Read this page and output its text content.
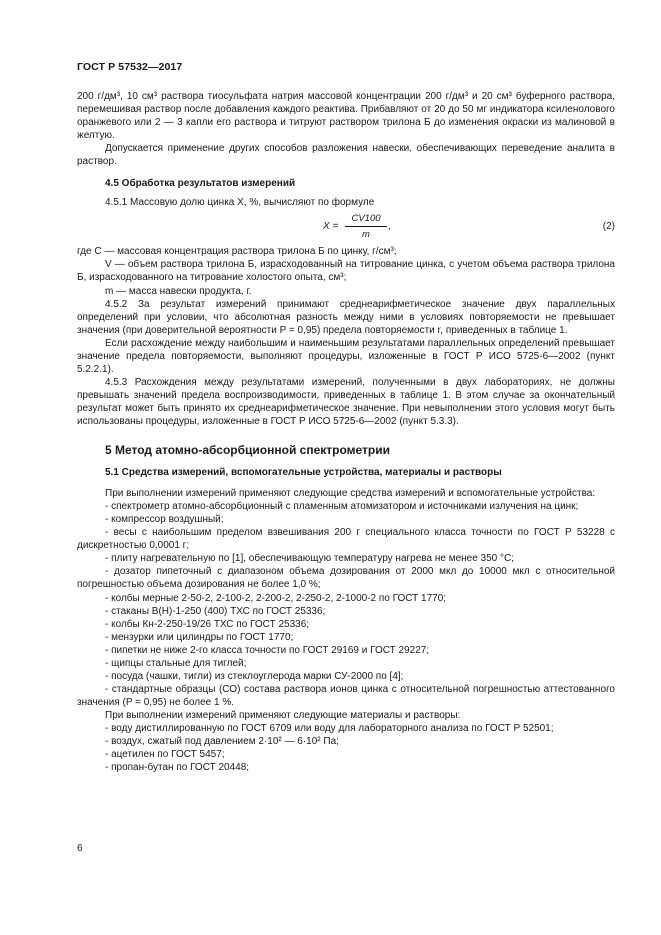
ГОСТ Р 57532—2017

200 г/дм³, 10 см³ раствора тиосульфата натрия массовой концентрации 200 г/дм³ и 20 см³ буферного раствора, перемешивая раствор после добавления каждого реактива. Прибавляют от 20 до 50 мг индикатора ксиленолового оранжевого или 2 — 3 капли его раствора и титруют раствором трилона Б до изменения окраски из малиновой в желтую.

Допускается применение других способов разложения навески, обеспечивающих переведение аналита в раствор.

4.5 Обработка результатов измерений

4.5.1 Массовую долю цинка X, %, вычисляют по формуле

$X = \frac{CV100}{m}$ ,	(2)

где C — массовая концентрация раствора трилона Б по цинку, г/см³;

V — объем раствора трилона Б, израсходованный на титрование цинка, с учетом объема раствора трилона Б, израсходованного на титрование холостого опыта, см³;

m — масса навески продукта, г.

4.5.2 За результат измерений принимают среднеарифметическое значение двух параллельных определений при условии, что абсолютная разность между ними в условиях повторяемости не превышает значения (при доверительной вероятности P = 0,95) предела повторяемости r, приведенных в таблице 1.

Если расхождение между наибольшим и наименьшим результатами параллельных определений превышает значение предела повторяемости, выполняют процедуры, изложенные в ГОСТ Р ИСО 5725-6—2002 (пункт 5.2.2.1).

4.5.3 Расхождения между результатами измерений, полученными в двух лабораториях, не должны превышать значений предела воспроизводимости, приведенных в таблице 1. В этом случае за окончательный результат может быть принято их среднеарифметическое значение. При невыполнении этого условия могут быть использованы процедуры, изложенные в ГОСТ Р ИСО 5725-6—2002 (пункт 5.3.3).

5 Метод атомно-абсорбционной спектрометрии

5.1 Средства измерений, вспомогательные устройства, материалы и растворы

При выполнении измерений применяют следующие средства измерений и вспомогательные устройства:

- спектрометр атомно-абсорбционный с пламенным атомизатором и источниками излучения на цинк;

- компрессор воздушный;

- весы с наибольшим пределом взвешивания 200 г специального класса точности по ГОСТ Р 53228 с дискретностью 0,0001 г;

- плиту нагревательную по [1], обеспечивающую температуру нагрева не менее 350 °С;

- дозатор пипеточный с диапазоном объема дозирования от 2000 мкл до 10000 мкл с относительной погрешностью объема дозирования не более 1,0 %;

- колбы мерные 2-50-2, 2-100-2, 2-200-2, 2-250-2, 2-1000-2 по ГОСТ 1770;

- стаканы В(Н)-1-250 (400) ТХС по ГОСТ 25336;

- колбы Кн-2-250-19/26 ТХС по ГОСТ 25336;

- мензурки или цилиндры по ГОСТ 1770;

- пипетки не ниже 2-го класса точности по ГОСТ 29169 и ГОСТ 29227;

- щипцы стальные для тиглей;

- посуда (чашки, тигли) из стеклоуглерода марки СУ-2000 по [4];

- стандартные образцы (СО) состава раствора ионов цинка с относительной погрешностью аттестованного значения (P = 0,95) не более 1 %.

При выполнении измерений применяют следующие материалы и растворы:

- воду дистиллированную по ГОСТ 6709 или воду для лабораторного анализа по ГОСТ Р 52501;

- воздух, сжатый под давлением 2·10² — 6·10² Па;

- ацетилен по ГОСТ 5457;

- пропан-бутан по ГОСТ 20448;

6
